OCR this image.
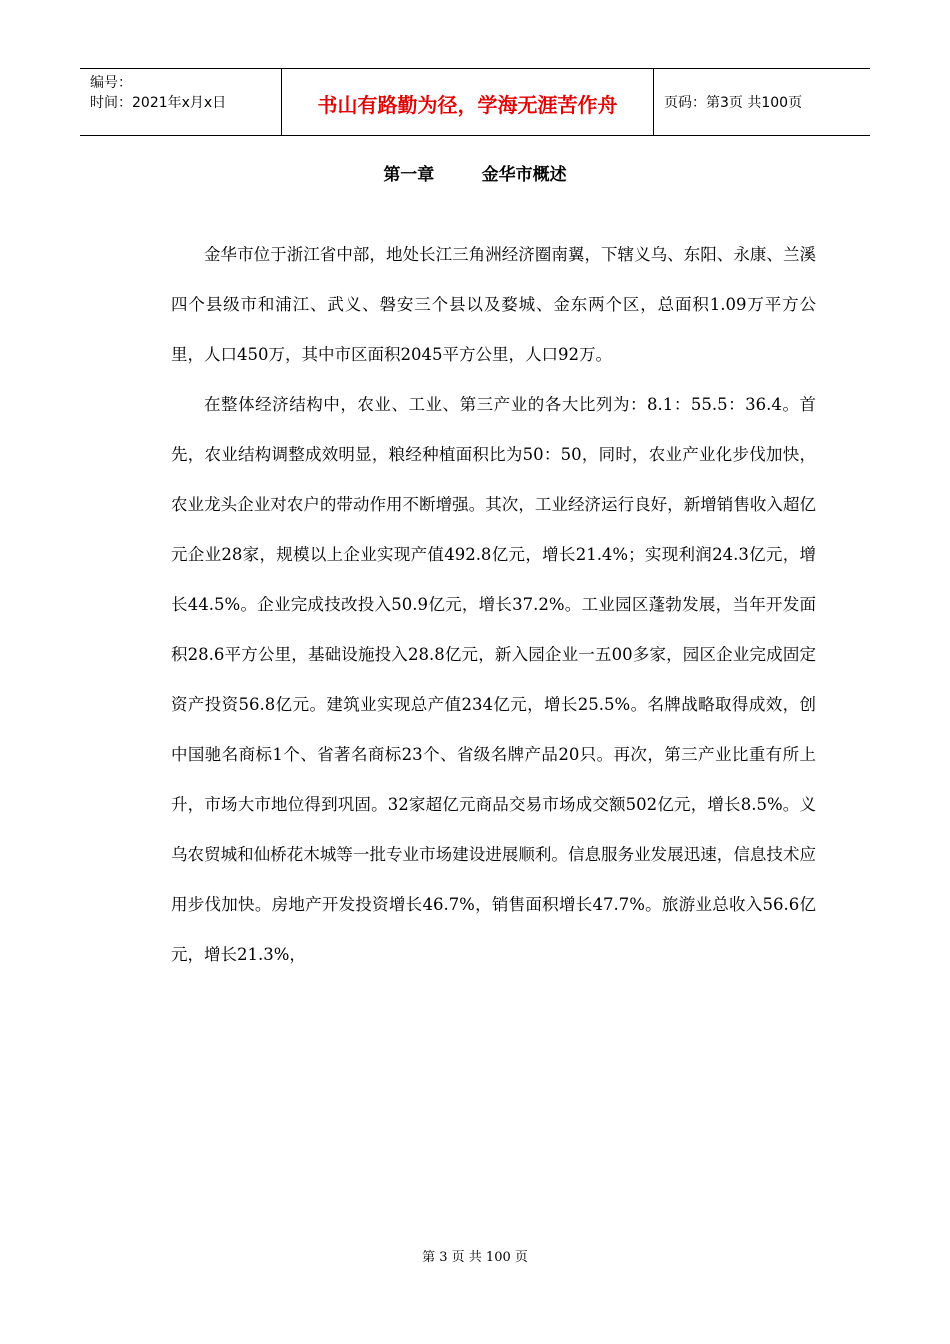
编号：
时间：2021年x月x日	书山有路勤为径，学海无涯苦作舟	页码：第3页 共100页
第一章        金华市概述

金华市位于浙江省中部，地处长江三角洲经济圈南翼，下辖义乌、东阳、永康、兰溪四个县级市和浦江、武义、磐安三个县以及婺城、金东两个区，总面积1.09万平方公里，人口450万，其中市区面积2045平方公里，人口92万。

在整体经济结构中，农业、工业、第三产业的各大比列为：8.1：55.5：36.4。首先，农业结构调整成效明显，粮经种植面积比为50：50，同时，农业产业化步伐加快，农业龙头企业对农户的带动作用不断增强。其次，工业经济运行良好，新增销售收入超亿元企业28家，规模以上企业实现产值492.8亿元，增长21.4%；实现利润24.3亿元，增长44.5%。企业完成技改投入50.9亿元，增长37.2%。工业园区蓬勃发展，当年开发面积28.6平方公里，基础设施投入28.8亿元，新入园企业一五00多家，园区企业完成固定资产投资56.8亿元。建筑业实现总产值234亿元，增长25.5%。名牌战略取得成效，创中国驰名商标1个、省著名商标23个、省级名牌产品20只。再次，第三产业比重有所上升，市场大市地位得到巩固。32家超亿元商品交易市场成交额502亿元，增长8.5%。义乌农贸城和仙桥花木城等一批专业市场建设进展顺利。信息服务业发展迅速，信息技术应用步伐加快。房地产开发投资增长46.7%，销售面积增长47.7%。旅游业总收入56.6亿元，增长21.3%，

第 3 页 共 100 页
